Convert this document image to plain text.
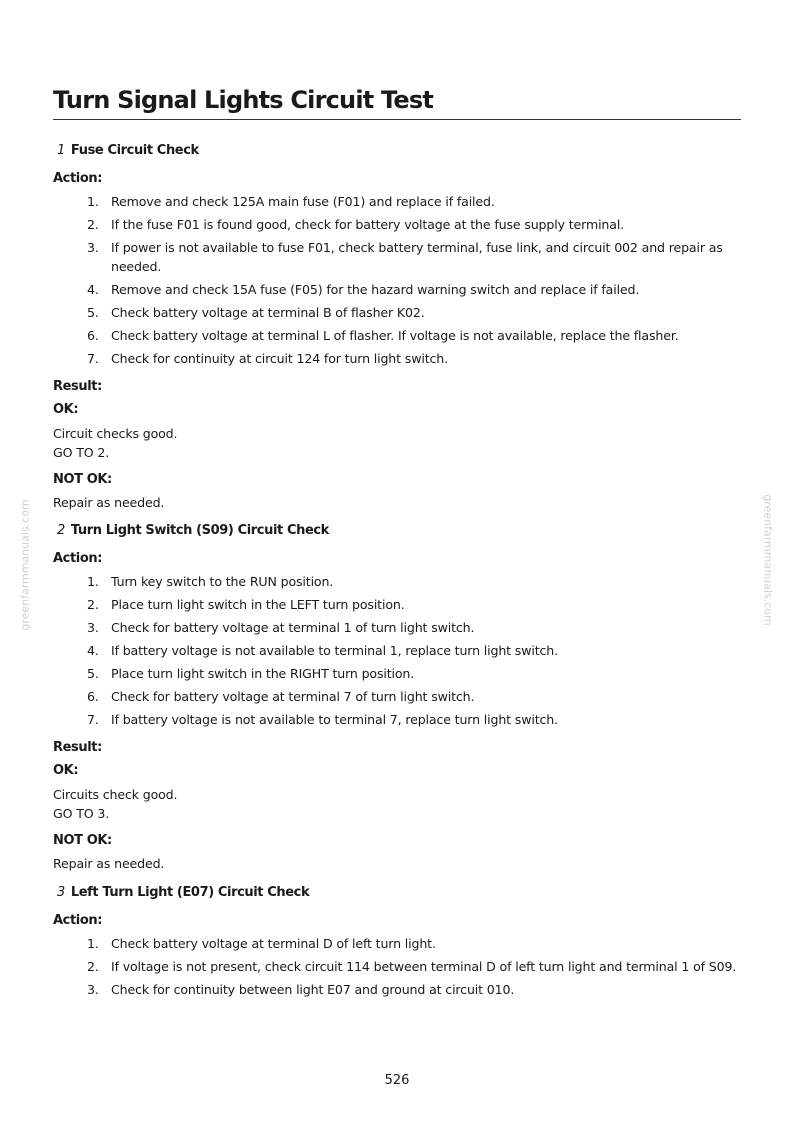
greenfarmmanuals.com	greenfarmmanuals.com
Turn Signal Lights Circuit Test
1 Fuse Circuit Check
Action:
1. Remove and check 125A main fuse (F01) and replace if failed.
2. If the fuse F01 is found good, check for battery voltage at the fuse supply terminal.
3. If power is not available to fuse F01, check battery terminal, fuse link, and circuit 002 and repair as needed.
4. Remove and check 15A fuse (F05) for the hazard warning switch and replace if failed.
5. Check battery voltage at terminal B of flasher K02.
6. Check battery voltage at terminal L of flasher. If voltage is not available, replace the flasher.
7. Check for continuity at circuit 124 for turn light switch.
Result:
OK:
Circuit checks good.
GO TO 2.
NOT OK:
Repair as needed.
2 Turn Light Switch (S09) Circuit Check
Action:
1. Turn key switch to the RUN position.
2. Place turn light switch in the LEFT turn position.
3. Check for battery voltage at terminal 1 of turn light switch.
4. If battery voltage is not available to terminal 1, replace turn light switch.
5. Place turn light switch in the RIGHT turn position.
6. Check for battery voltage at terminal 7 of turn light switch.
7. If battery voltage is not available to terminal 7, replace turn light switch.
Result:
OK:
Circuits check good.
GO TO 3.
NOT OK:
Repair as needed.
3 Left Turn Light (E07) Circuit Check
Action:
1. Check battery voltage at terminal D of left turn light.
2. If voltage is not present, check circuit 114 between terminal D of left turn light and terminal 1 of S09.
3. Check for continuity between light E07 and ground at circuit 010.
526
